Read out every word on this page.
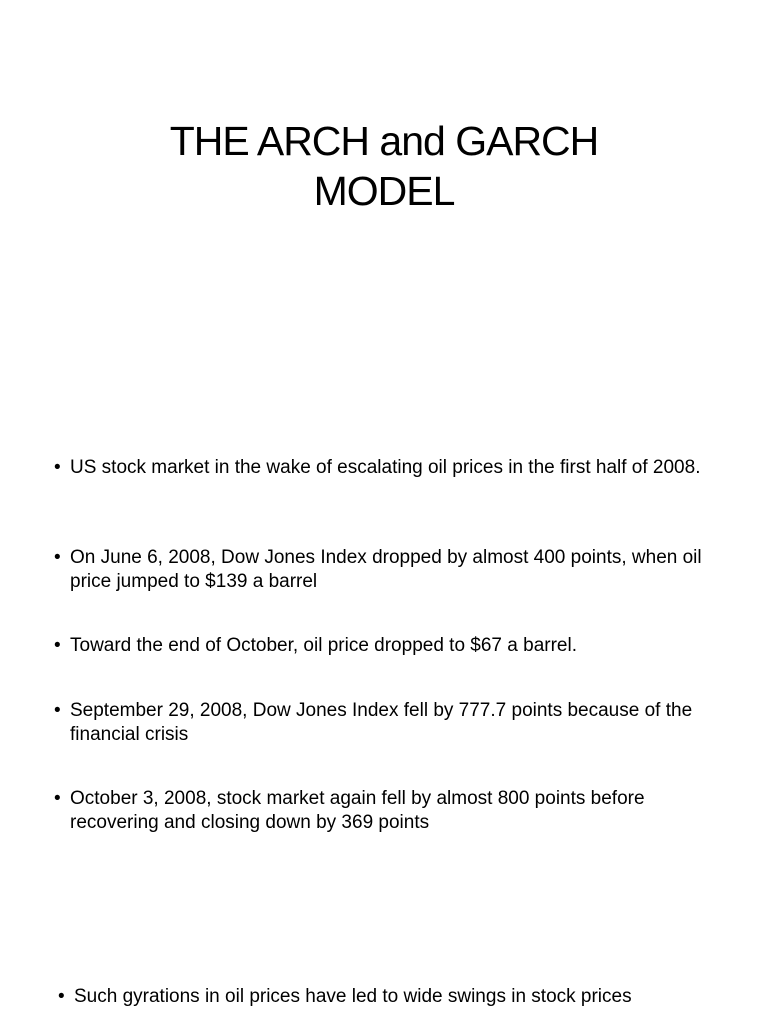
THE ARCH and GARCH
MODEL
• US stock market in the wake of escalating oil prices in the first half of 2008.
• On June 6, 2008, Dow Jones Index dropped by almost 400 points, when oil price jumped to $139 a barrel
• Toward the end of October, oil price dropped to $67 a barrel.
• September 29, 2008, Dow Jones Index fell by 777.7 points because of the financial crisis
• October 3, 2008, stock market again fell by almost 800 points before recovering and closing down by 369 points
• Such gyrations in oil prices have led to wide swings in stock prices
